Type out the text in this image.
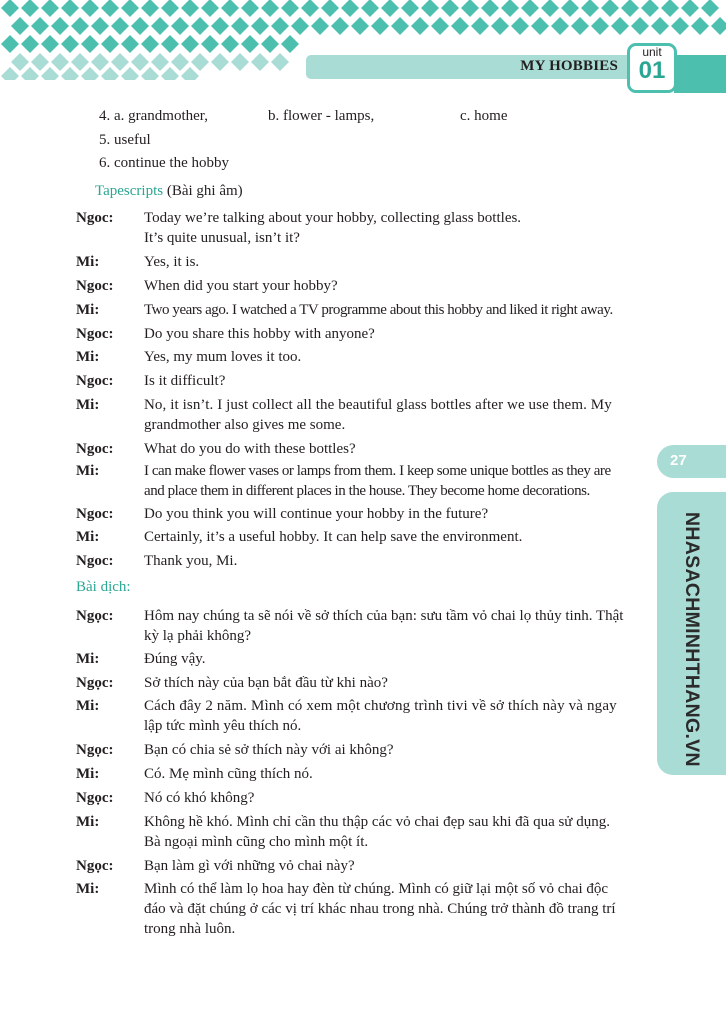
MY HOBBIES
unit
01
27
NHASACHMINHTHANG.VN
4. a. grandmother,	b. flower - lamps,	c. home
5. useful
6. continue the hobby
Tapescripts (Bài ghi âm)
Ngoc: Today we’re talking about your hobby, collecting glass bottles.
It’s quite unusual, isn’t it?
Mi:	Yes, it is.
Ngoc: When did you start your hobby?
Mi:	Two years ago. I watched a TV programme about this hobby and liked it right away.
Ngoc: Do you share this hobby with anyone?
Mi:	Yes, my mum loves it too.
Ngoc: Is it difficult?
Mi:	No, it isn’t. I just collect all the beautiful glass bottles after we use them. My
grandmother also gives me some.
Ngoc: What do you do with these bottles?
Mi:	I can make flower vases or lamps from them. I keep some unique bottles as they are
and place them in different places in the house. They become home decorations.
Ngoc: Do you think you will continue your hobby in the future?
Mi:	Certainly, it’s a useful hobby. It can help save the environment.
Ngoc: Thank you, Mi.
Bài dịch:
Ngọc: Hôm nay chúng ta sẽ nói về sở thích của bạn: sưu tầm vỏ chai lọ thủy tinh. Thật
kỳ lạ phải không?
Mi:	Đúng vậy.
Ngọc: Sở thích này của bạn bắt đầu từ khi nào?
Mi:	Cách đây 2 năm. Mình có xem một chương trình tivi về sở thích này và ngay
lập tức mình yêu thích nó.
Ngọc: Bạn có chia sẻ sở thích này với ai không?
Mi:	Có. Mẹ mình cũng thích nó.
Ngọc: Nó có khó không?
Mi:	Không hề khó. Mình chỉ cần thu thập các vỏ chai đẹp sau khi đã qua sử dụng.
Bà ngoại mình cũng cho mình một ít.
Ngọc: Bạn làm gì với những vỏ chai này?
Mi:	Mình có thể làm lọ hoa hay đèn từ chúng. Mình có giữ lại một số vỏ chai độc
đáo và đặt chúng ở các vị trí khác nhau trong nhà. Chúng trở thành đồ trang trí
trong nhà luôn.
